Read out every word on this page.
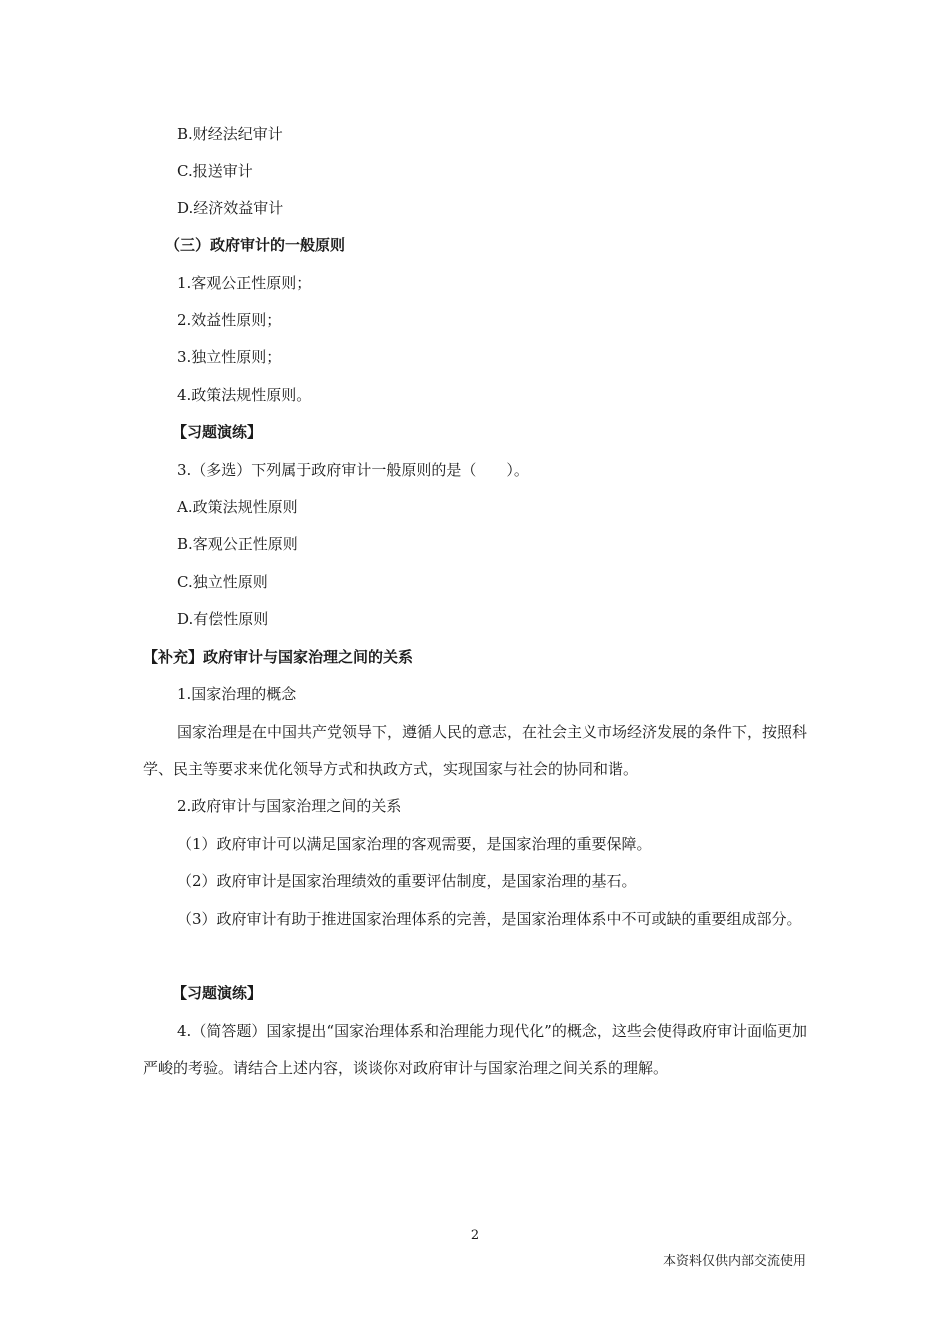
B.财经法纪审计
C.报送审计
D.经济效益审计
（三）政府审计的一般原则
1.客观公正性原则；
2.效益性原则；
3.独立性原则；
4.政策法规性原则。
【习题演练】
3.（多选）下列属于政府审计一般原则的是（　　）。
A.政策法规性原则
B.客观公正性原则
C.独立性原则
D.有偿性原则
【补充】政府审计与国家治理之间的关系
1.国家治理的概念
国家治理是在中国共产党领导下，遵循人民的意志，在社会主义市场经济发展的条件下，按照科学、民主等要求来优化领导方式和执政方式，实现国家与社会的协同和谐。
2.政府审计与国家治理之间的关系
（1）政府审计可以满足国家治理的客观需要，是国家治理的重要保障。
（2）政府审计是国家治理绩效的重要评估制度，是国家治理的基石。
（3）政府审计有助于推进国家治理体系的完善，是国家治理体系中不可或缺的重要组成部分。
【习题演练】
4.（简答题）国家提出“国家治理体系和治理能力现代化”的概念，这些会使得政府审计面临更加严峻的考验。请结合上述内容，谈谈你对政府审计与国家治理之间关系的理解。
2
本资料仅供内部交流使用
